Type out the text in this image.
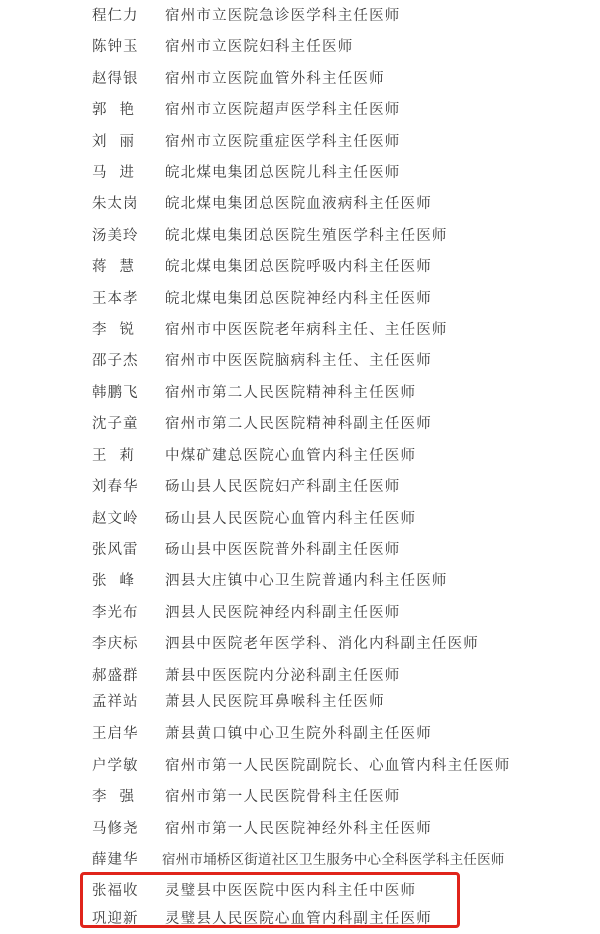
程仁力	宿州市立医院急诊医学科主任医师
陈钟玉	宿州市立医院妇科主任医师
赵得银	宿州市立医院血管外科主任医师
郭艳	宿州市立医院超声医学科主任医师
刘丽	宿州市立医院重症医学科主任医师
马进	皖北煤电集团总医院儿科主任医师
朱太岗	皖北煤电集团总医院血液病科主任医师
汤美玲	皖北煤电集团总医院生殖医学科主任医师
蒋慧	皖北煤电集团总医院呼吸内科主任医师
王本孝	皖北煤电集团总医院神经内科主任医师
李锐	宿州市中医医院老年病科主任、主任医师
邵子杰	宿州市中医医院脑病科主任、主任医师
韩鹏飞	宿州市第二人民医院精神科主任医师
沈子童	宿州市第二人民医院精神科副主任医师
王莉	中煤矿建总医院心血管内科主任医师
刘春华	砀山县人民医院妇产科副主任医师
赵文岭	砀山县人民医院心血管内科主任医师
张风雷	砀山县中医医院普外科副主任医师
张峰	泗县大庄镇中心卫生院普通内科主任医师
李光布	泗县人民医院神经内科副主任医师
李庆标	泗县中医院老年医学科、消化内科副主任医师
郝盛群	萧县中医医院内分泌科副主任医师
孟祥站	萧县人民医院耳鼻喉科主任医师
王启华	萧县黄口镇中心卫生院外科副主任医师
户学敏	宿州市第一人民医院副院长、心血管内科主任医师
李强	宿州市第一人民医院骨科主任医师
马修尧	宿州市第一人民医院神经外科主任医师
薛建华	宿州市埇桥区街道社区卫生服务中心全科医学科主任医师
张福收	灵璧县中医医院中医内科主任中医师
巩迎新	灵璧县人民医院心血管内科副主任医师
